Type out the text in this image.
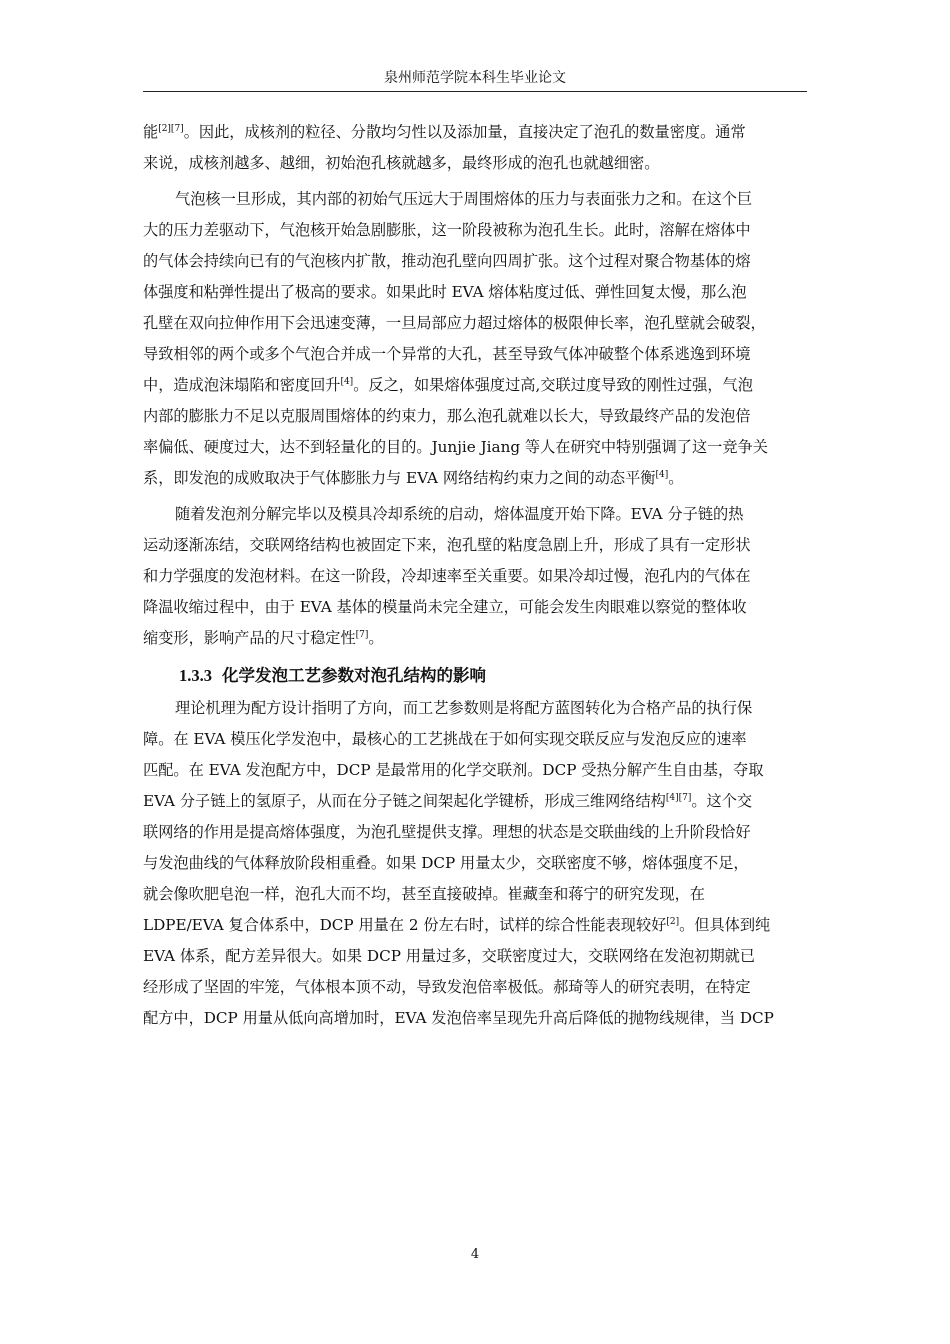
泉州师范学院本科生毕业论文
能[2][7]。因此，成核剂的粒径、分散均匀性以及添加量，直接决定了泡孔的数量密度。通常
来说，成核剂越多、越细，初始泡孔核就越多，最终形成的泡孔也就越细密。
气泡核一旦形成，其内部的初始气压远大于周围熔体的压力与表面张力之和。在这个巨
大的压力差驱动下，气泡核开始急剧膨胀，这一阶段被称为泡孔生长。此时，溶解在熔体中
的气体会持续向已有的气泡核内扩散，推动泡孔壁向四周扩张。这个过程对聚合物基体的熔
体强度和粘弹性提出了极高的要求。如果此时 EVA 熔体粘度过低、弹性回复太慢，那么泡
孔壁在双向拉伸作用下会迅速变薄，一旦局部应力超过熔体的极限伸长率，泡孔壁就会破裂，
导致相邻的两个或多个气泡合并成一个异常的大孔，甚至导致气体冲破整个体系逃逸到环境
中，造成泡沫塌陷和密度回升[4]。反之，如果熔体强度过高,交联过度导致的刚性过强，气泡
内部的膨胀力不足以克服周围熔体的约束力，那么泡孔就难以长大，导致最终产品的发泡倍
率偏低、硬度过大，达不到轻量化的目的。Junjie Jiang 等人在研究中特别强调了这一竞争关
系，即发泡的成败取决于气体膨胀力与 EVA 网络结构约束力之间的动态平衡[4]。
随着发泡剂分解完毕以及模具冷却系统的启动，熔体温度开始下降。EVA 分子链的热
运动逐渐冻结，交联网络结构也被固定下来，泡孔壁的粘度急剧上升，形成了具有一定形状
和力学强度的发泡材料。在这一阶段，冷却速率至关重要。如果冷却过慢，泡孔内的气体在
降温收缩过程中，由于 EVA 基体的模量尚未完全建立，可能会发生肉眼难以察觉的整体收
缩变形，影响产品的尺寸稳定性[7]。
1.3.3 化学发泡工艺参数对泡孔结构的影响
理论机理为配方设计指明了方向，而工艺参数则是将配方蓝图转化为合格产品的执行保
障。在 EVA 模压化学发泡中，最核心的工艺挑战在于如何实现交联反应与发泡反应的速率
匹配。在 EVA 发泡配方中，DCP 是最常用的化学交联剂。DCP 受热分解产生自由基，夺取
EVA 分子链上的氢原子，从而在分子链之间架起化学键桥，形成三维网络结构[4][7]。这个交
联网络的作用是提高熔体强度，为泡孔壁提供支撑。理想的状态是交联曲线的上升阶段恰好
与发泡曲线的气体释放阶段相重叠。如果 DCP 用量太少，交联密度不够，熔体强度不足，
就会像吹肥皂泡一样，泡孔大而不均，甚至直接破掉。崔藏奎和蒋宁的研究发现，在
LDPE/EVA 复合体系中，DCP 用量在 2 份左右时，试样的综合性能表现较好[2]。但具体到纯
EVA 体系，配方差异很大。如果 DCP 用量过多，交联密度过大，交联网络在发泡初期就已
经形成了坚固的牢笼，气体根本顶不动，导致发泡倍率极低。郝琦等人的研究表明，在特定
配方中，DCP 用量从低向高增加时，EVA 发泡倍率呈现先升高后降低的抛物线规律，当 DCP
4
